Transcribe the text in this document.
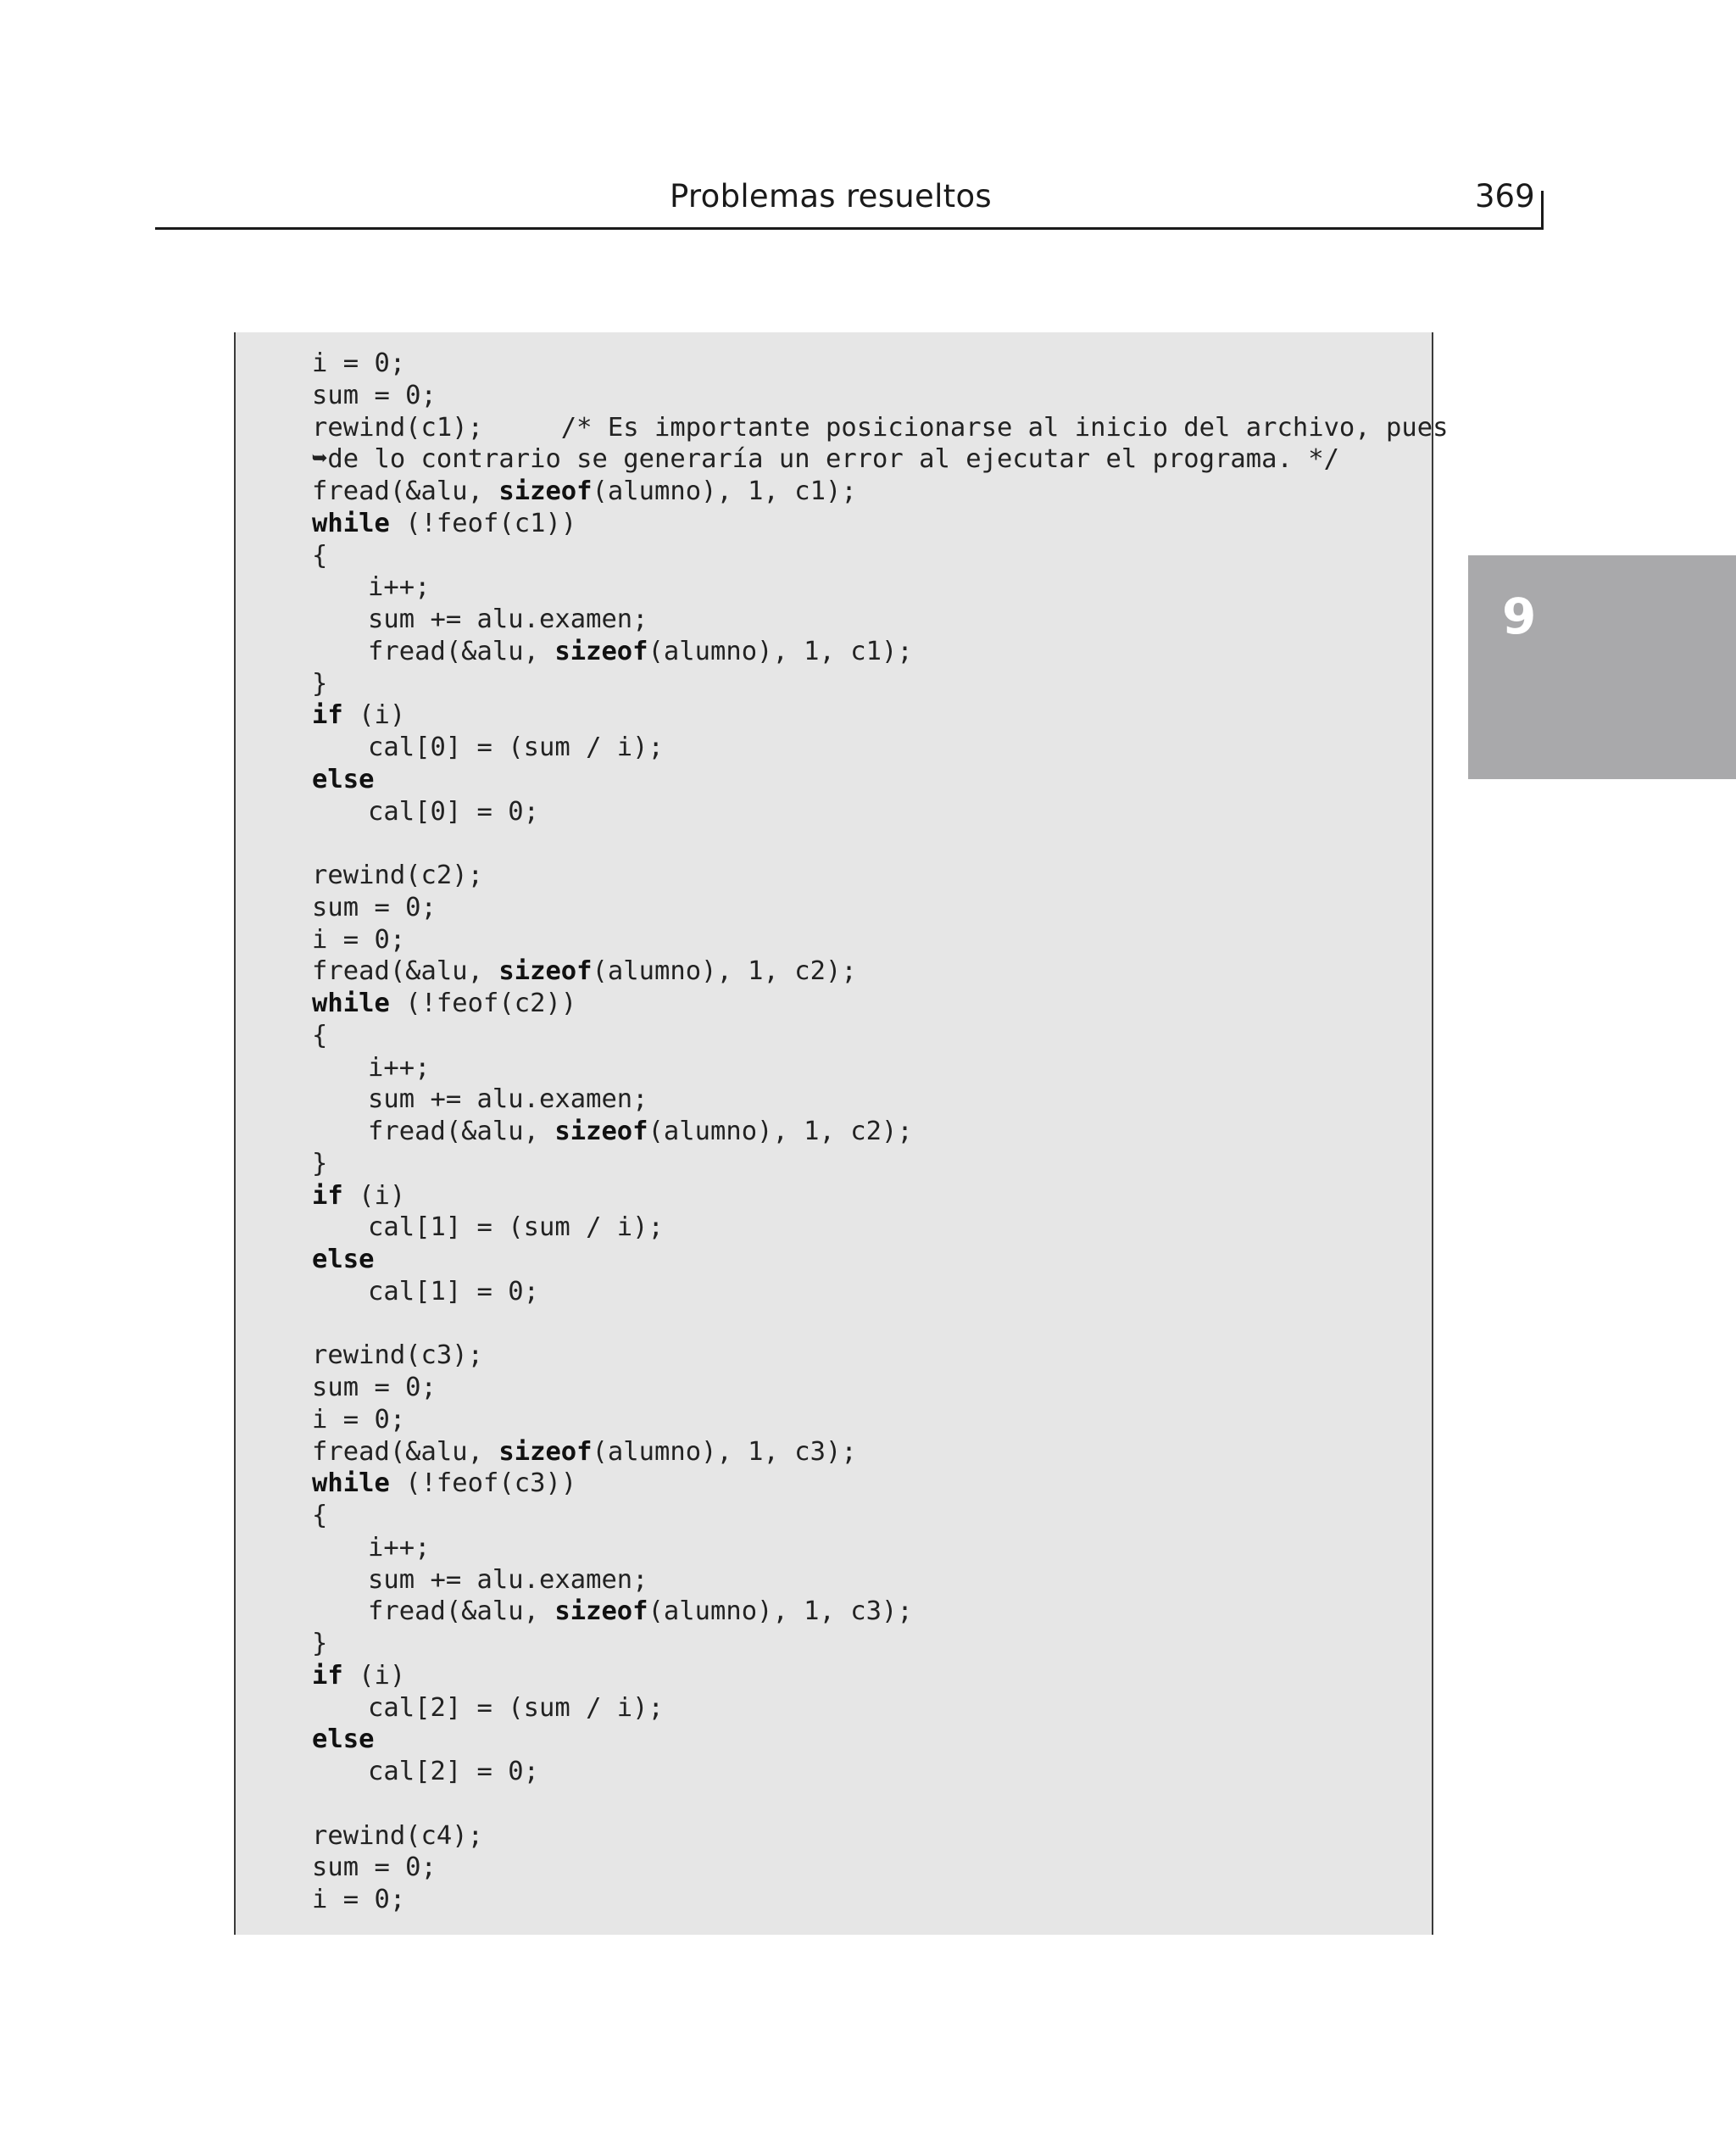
Problemas resueltos	369
i = 0;
sum = 0;
rewind(c1);     /* Es importante posicionarse al inicio del archivo, pues
➥de lo contrario se generaría un error al ejecutar el programa. */
fread(&alu, sizeof(alumno), 1, c1);
while (!feof(c1))
{
i++;
sum += alu.examen;
fread(&alu, sizeof(alumno), 1, c1);
}
if (i)
cal[0] = (sum / i);
else
cal[0] = 0;
rewind(c2);
sum = 0;
i = 0;
fread(&alu, sizeof(alumno), 1, c2);
while (!feof(c2))
{
i++;
sum += alu.examen;
fread(&alu, sizeof(alumno), 1, c2);
}
if (i)
cal[1] = (sum / i);
else
cal[1] = 0;
rewind(c3);
sum = 0;
i = 0;
fread(&alu, sizeof(alumno), 1, c3);
while (!feof(c3))
{
i++;
sum += alu.examen;
fread(&alu, sizeof(alumno), 1, c3);
}
if (i)
cal[2] = (sum / i);
else
cal[2] = 0;
rewind(c4);
sum = 0;
i = 0;
9
